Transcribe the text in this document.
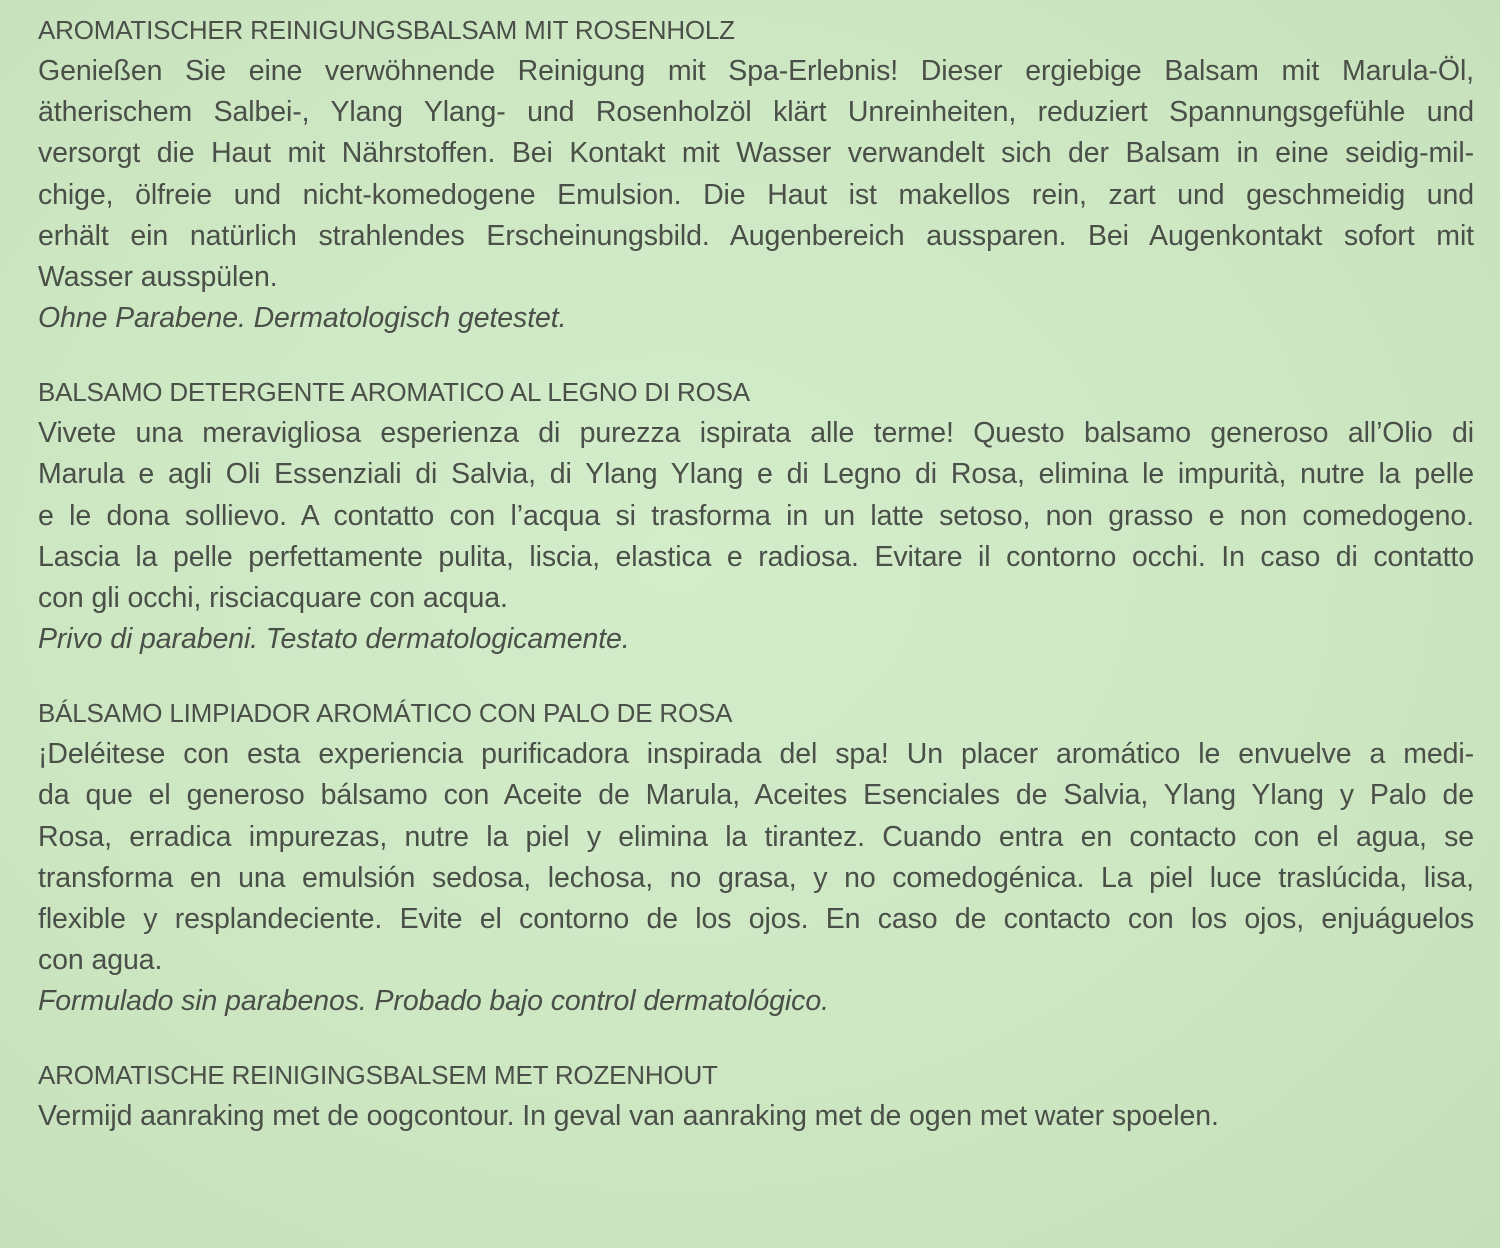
AROMATISCHER REINIGUNGSBALSAM MIT ROSENHOLZ
Genießen Sie eine verwöhnende Reinigung mit Spa-Erlebnis! Dieser ergiebige Balsam mit Marula-Öl,
ätherischem Salbei-, Ylang Ylang- und Rosenholzöl klärt Unreinheiten, reduziert Spannungsgefühle und
versorgt die Haut mit Nährstoffen. Bei Kontakt mit Wasser verwandelt sich der Balsam in eine seidig-mil-
chige, ölfreie und nicht-komedogene Emulsion. Die Haut ist makellos rein, zart und geschmeidig und
erhält ein natürlich strahlendes Erscheinungsbild. Augenbereich aussparen. Bei Augenkontakt sofort mit
Wasser ausspülen.

Ohne Parabene. Dermatologisch getestet.

BALSAMO DETERGENTE AROMATICO AL LEGNO DI ROSA
Vivete una meravigliosa esperienza di purezza ispirata alle terme! Questo balsamo generoso all’Olio di
Marula e agli Oli Essenziali di Salvia, di Ylang Ylang e di Legno di Rosa, elimina le impurità, nutre la pelle
e le dona sollievo. A contatto con l’acqua si trasforma in un latte setoso, non grasso e non comedogeno.
Lascia la pelle perfettamente pulita, liscia, elastica e radiosa. Evitare il contorno occhi. In caso di contatto
con gli occhi, risciacquare con acqua.

Privo di parabeni. Testato dermatologicamente.

BÁLSAMO LIMPIADOR AROMÁTICO CON PALO DE ROSA
¡Deléitese con esta experiencia purificadora inspirada del spa! Un placer aromático le envuelve a medi-
da que el generoso bálsamo con Aceite de Marula, Aceites Esenciales de Salvia, Ylang Ylang y Palo de
Rosa, erradica impurezas, nutre la piel y elimina la tirantez. Cuando entra en contacto con el agua, se
transforma en una emulsión sedosa, lechosa, no grasa, y no comedogénica. La piel luce traslúcida, lisa,
flexible y resplandeciente. Evite el contorno de los ojos. En caso de contacto con los ojos, enjuáguelos
con agua.

Formulado sin parabenos. Probado bajo control dermatológico.

AROMATISCHE REINIGINGSBALSEM MET ROZENHOUT
Vermijd aanraking met de oogcontour. In geval van aanraking met de ogen met water spoelen.
